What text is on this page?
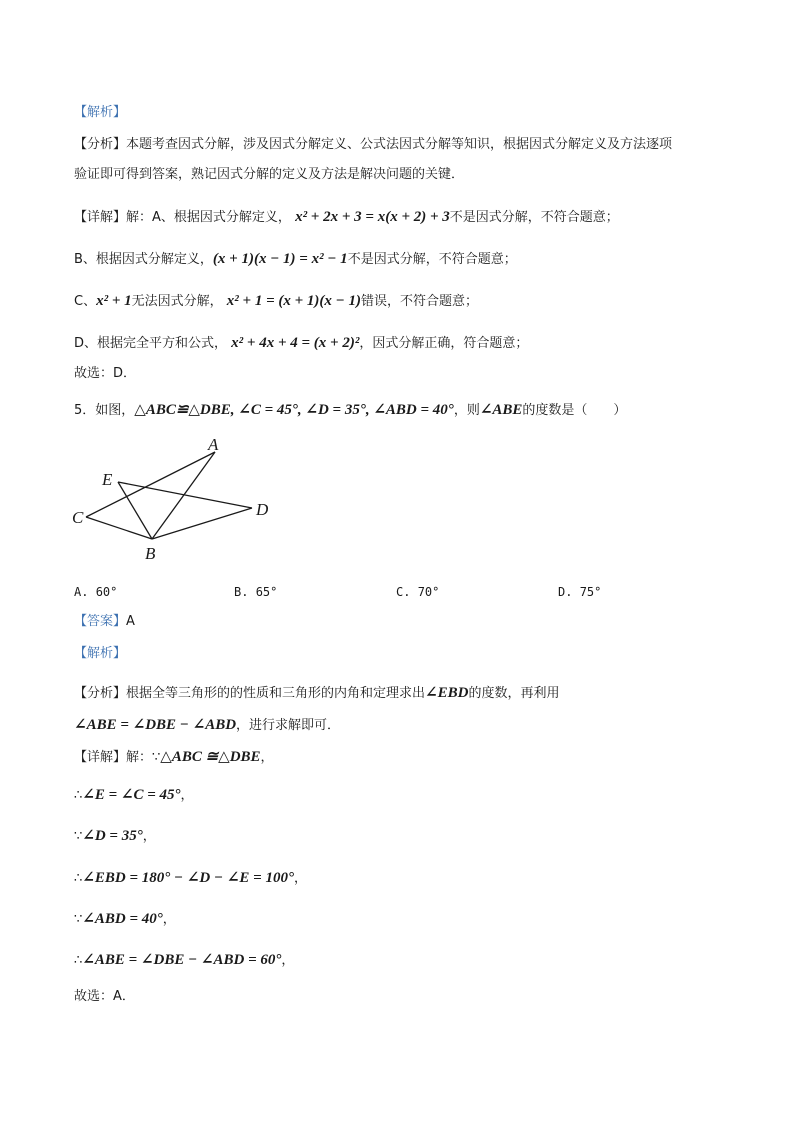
【解析】
【分析】本题考查因式分解，涉及因式分解定义、公式法因式分解等知识，根据因式分解定义及方法逐项
验证即可得到答案，熟记因式分解的定义及方法是解决问题的关键．
【详解】解：A、根据因式分解定义， x² + 2x + 3 = x(x + 2) + 3不是因式分解，不符合题意；
B、根据因式分解定义，(x + 1)(x − 1) = x² − 1不是因式分解，不符合题意；
C、x² + 1无法因式分解， x² + 1 = (x + 1)(x − 1)错误，不符合题意；
D、根据完全平方和公式， x² + 4x + 4 = (x + 2)²，因式分解正确，符合题意；
故选：D．
5．如图，△ABC≌△DBE, ∠C = 45°, ∠D = 35°, ∠ABD = 40°，则∠ABE的度数是（　　）
A
E
C	D
B
A. 60°	B. 65°	C. 70°	D. 75°
【答案】A
【解析】
【分析】根据全等三角形的的性质和三角形的内角和定理求出∠EBD的度数，再利用
∠ABE = ∠DBE − ∠ABD，进行求解即可．
【详解】解：∵△ABC ≅△DBE，
∴∠E = ∠C = 45°，
∵∠D = 35°，
∴∠EBD = 180° − ∠D − ∠E = 100°，
∵∠ABD = 40°，
∴∠ABE = ∠DBE − ∠ABD = 60°，
故选：A．
